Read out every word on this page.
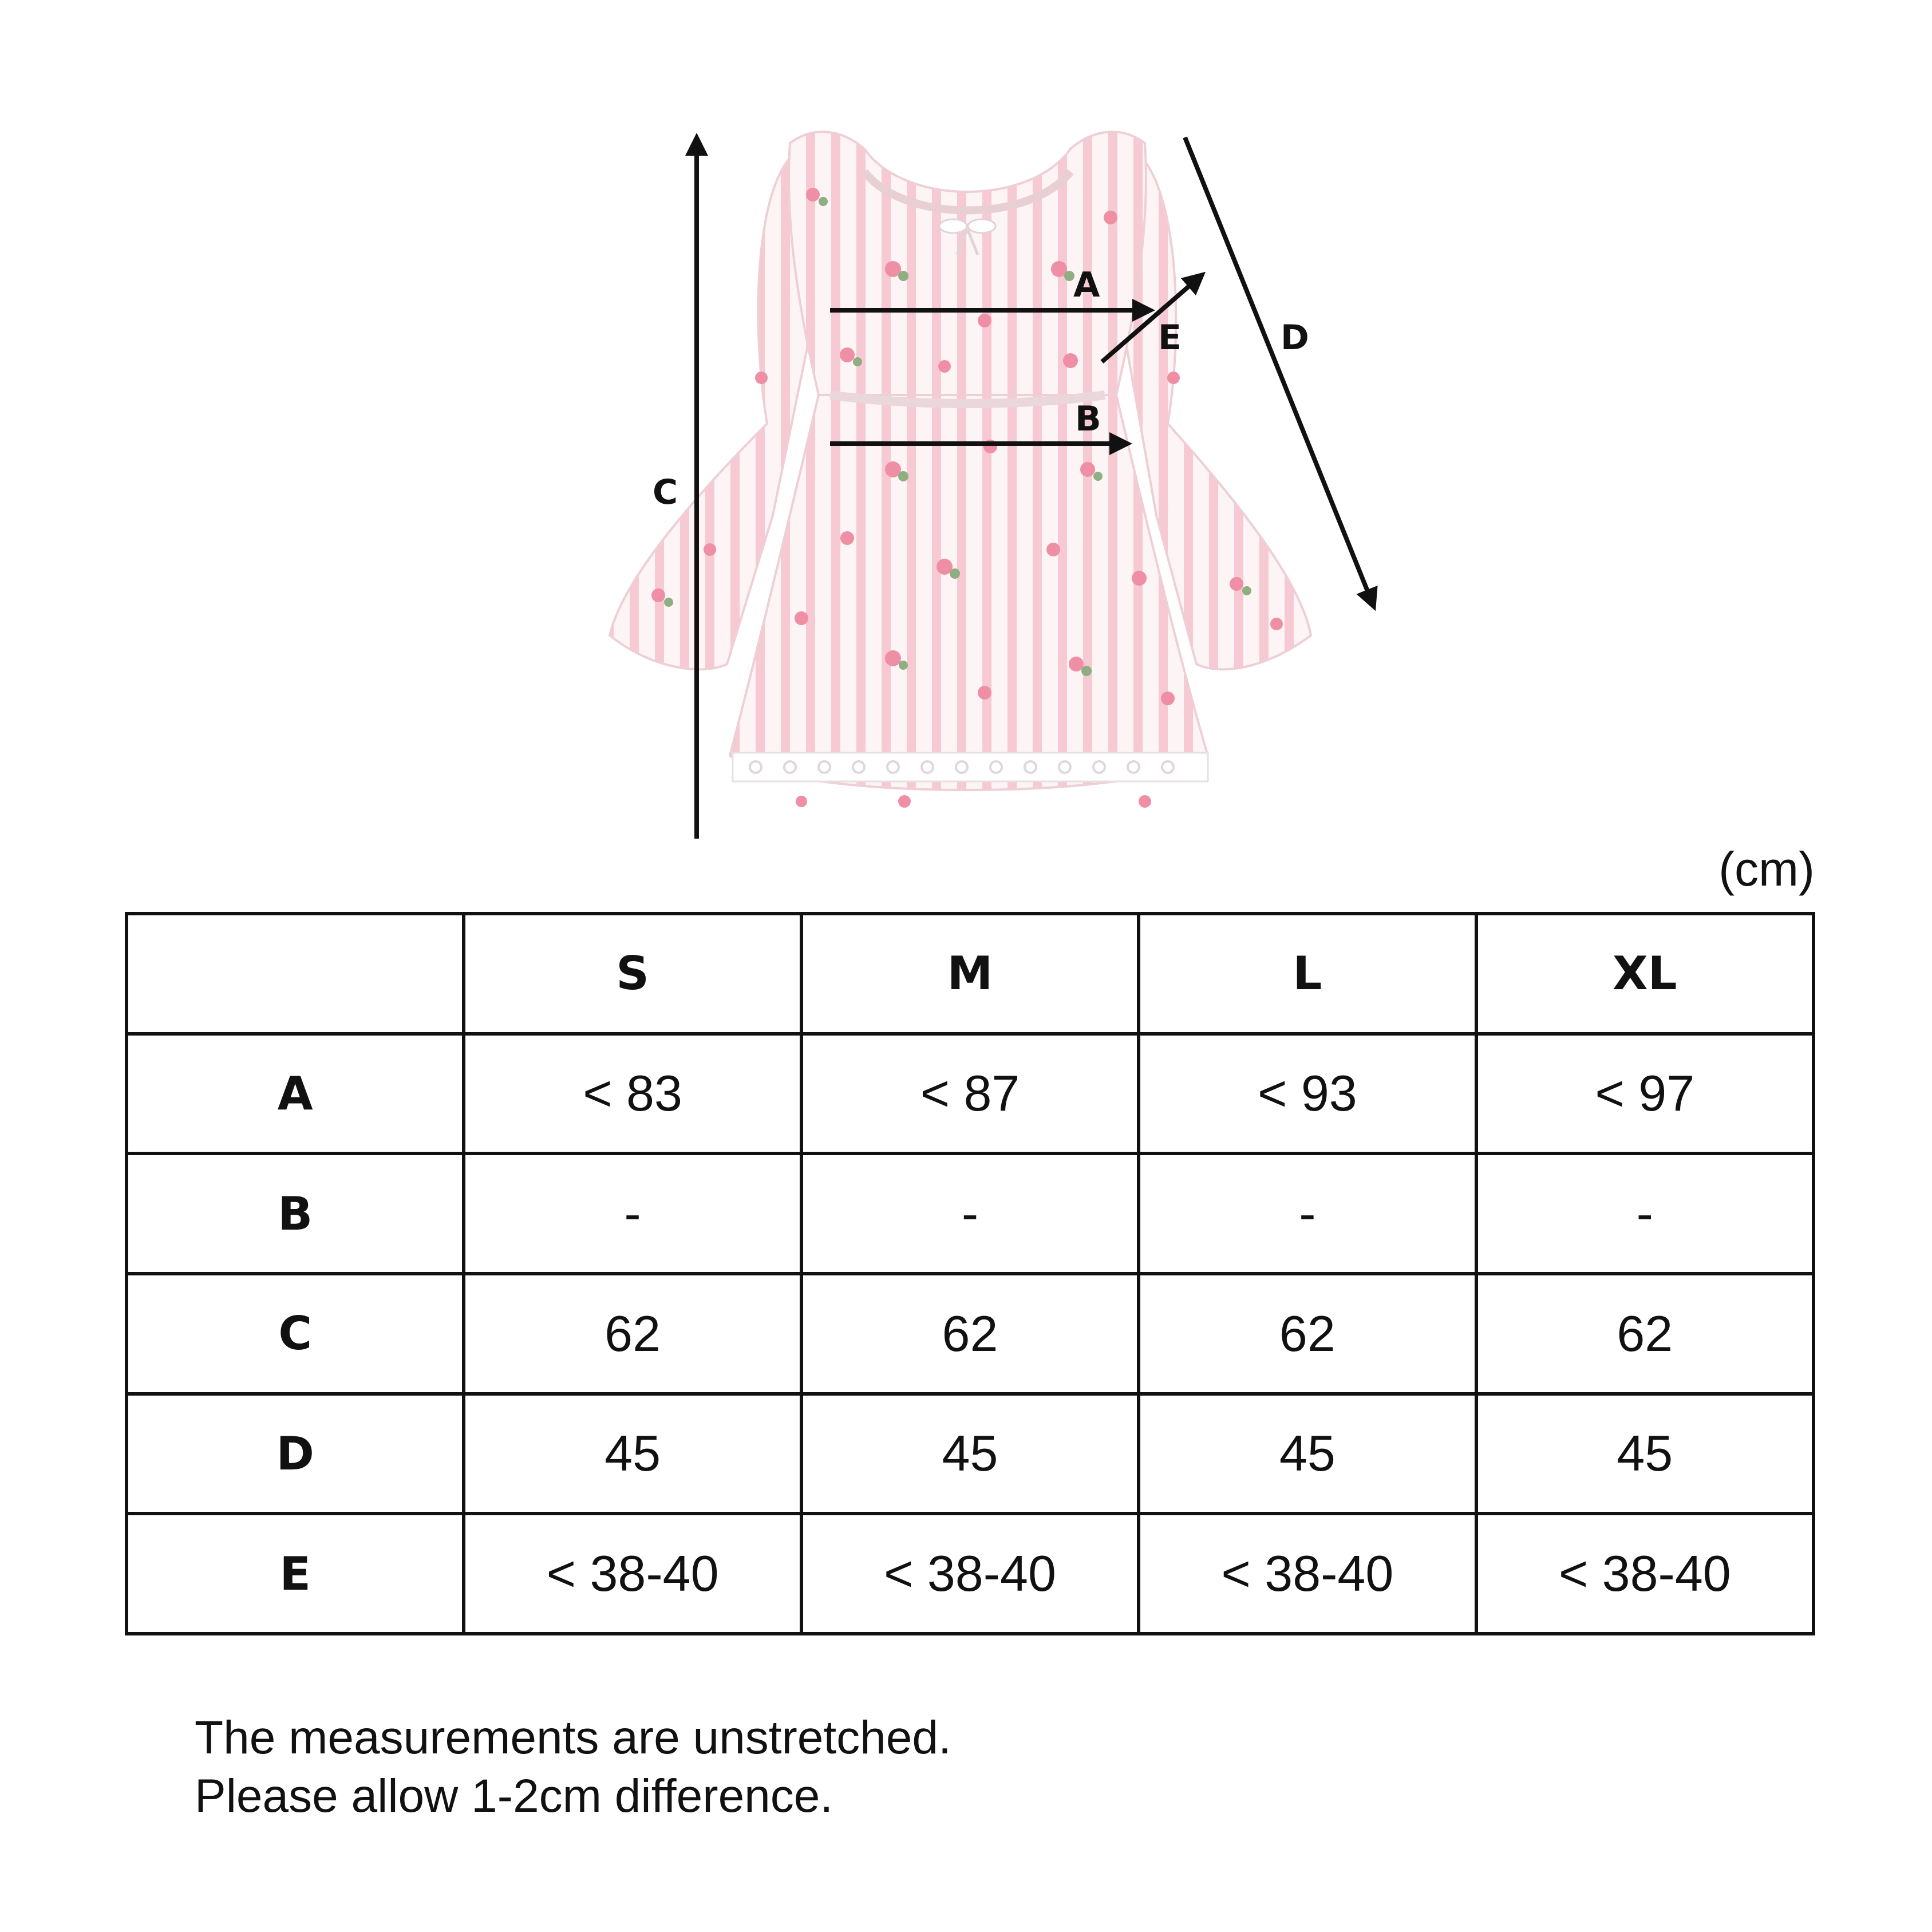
A
B
C
D
E
(cm)
	S	M	L	XL
A	< 83	< 87	< 93	< 97
B	-	-	-	-
C	62	62	62	62
D	45	45	45	45
E	< 38-40	< 38-40	< 38-40	< 38-40
The measurements are unstretched.
Please allow 1-2cm difference.
